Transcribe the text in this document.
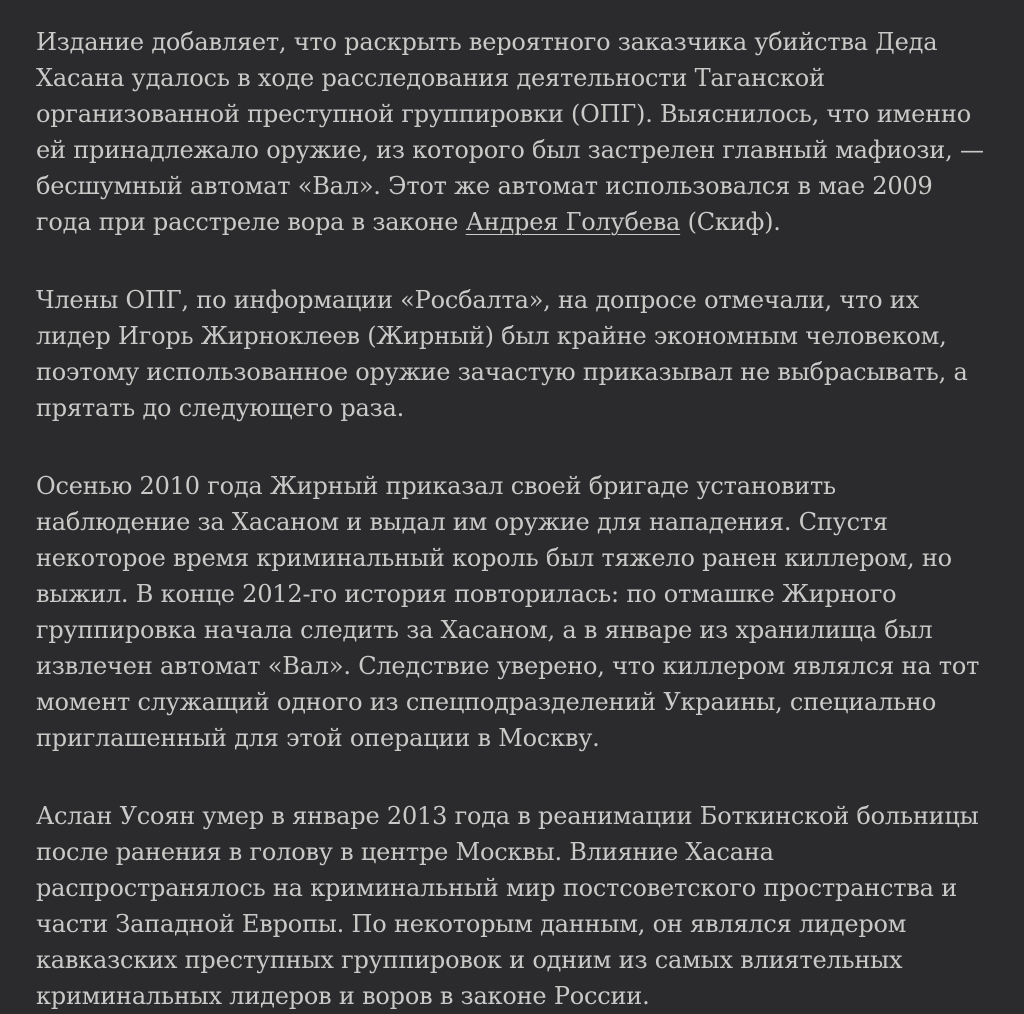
Издание добавляет, что раскрыть вероятного заказчика убийства Деда Хасана удалось в ходе расследования деятельности Таганской организованной преступной группировки (ОПГ). Выяснилось, что именно ей принадлежало оружие, из которого был застрелен главный мафиози, — бесшумный автомат «Вал». Этот же автомат использовался в мае 2009 года при расстреле вора в законе Андрея Голубева (Скиф).

Члены ОПГ, по информации «Росбалта», на допросе отмечали, что их лидер Игорь Жирноклеев (Жирный) был крайне экономным человеком, поэтому использованное оружие зачастую приказывал не выбрасывать, а прятать до следующего раза.

Осенью 2010 года Жирный приказал своей бригаде установить наблюдение за Хасаном и выдал им оружие для нападения. Спустя некоторое время криминальный король был тяжело ранен киллером, но выжил. В конце 2012-го история повторилась: по отмашке Жирного группировка начала следить за Хасаном, а в январе из хранилища был извлечен автомат «Вал». Следствие уверено, что киллером являлся на тот момент служащий одного из спецподразделений Украины, специально приглашенный для этой операции в Москву.

Аслан Усоян умер в январе 2013 года в реанимации Боткинской больницы после ранения в голову в центре Москвы. Влияние Хасана распространялось на криминальный мир постсоветского пространства и части Западной Европы. По некоторым данным, он являлся лидером кавказских преступных группировок и одним из самых влиятельных криминальных лидеров и воров в законе России.
